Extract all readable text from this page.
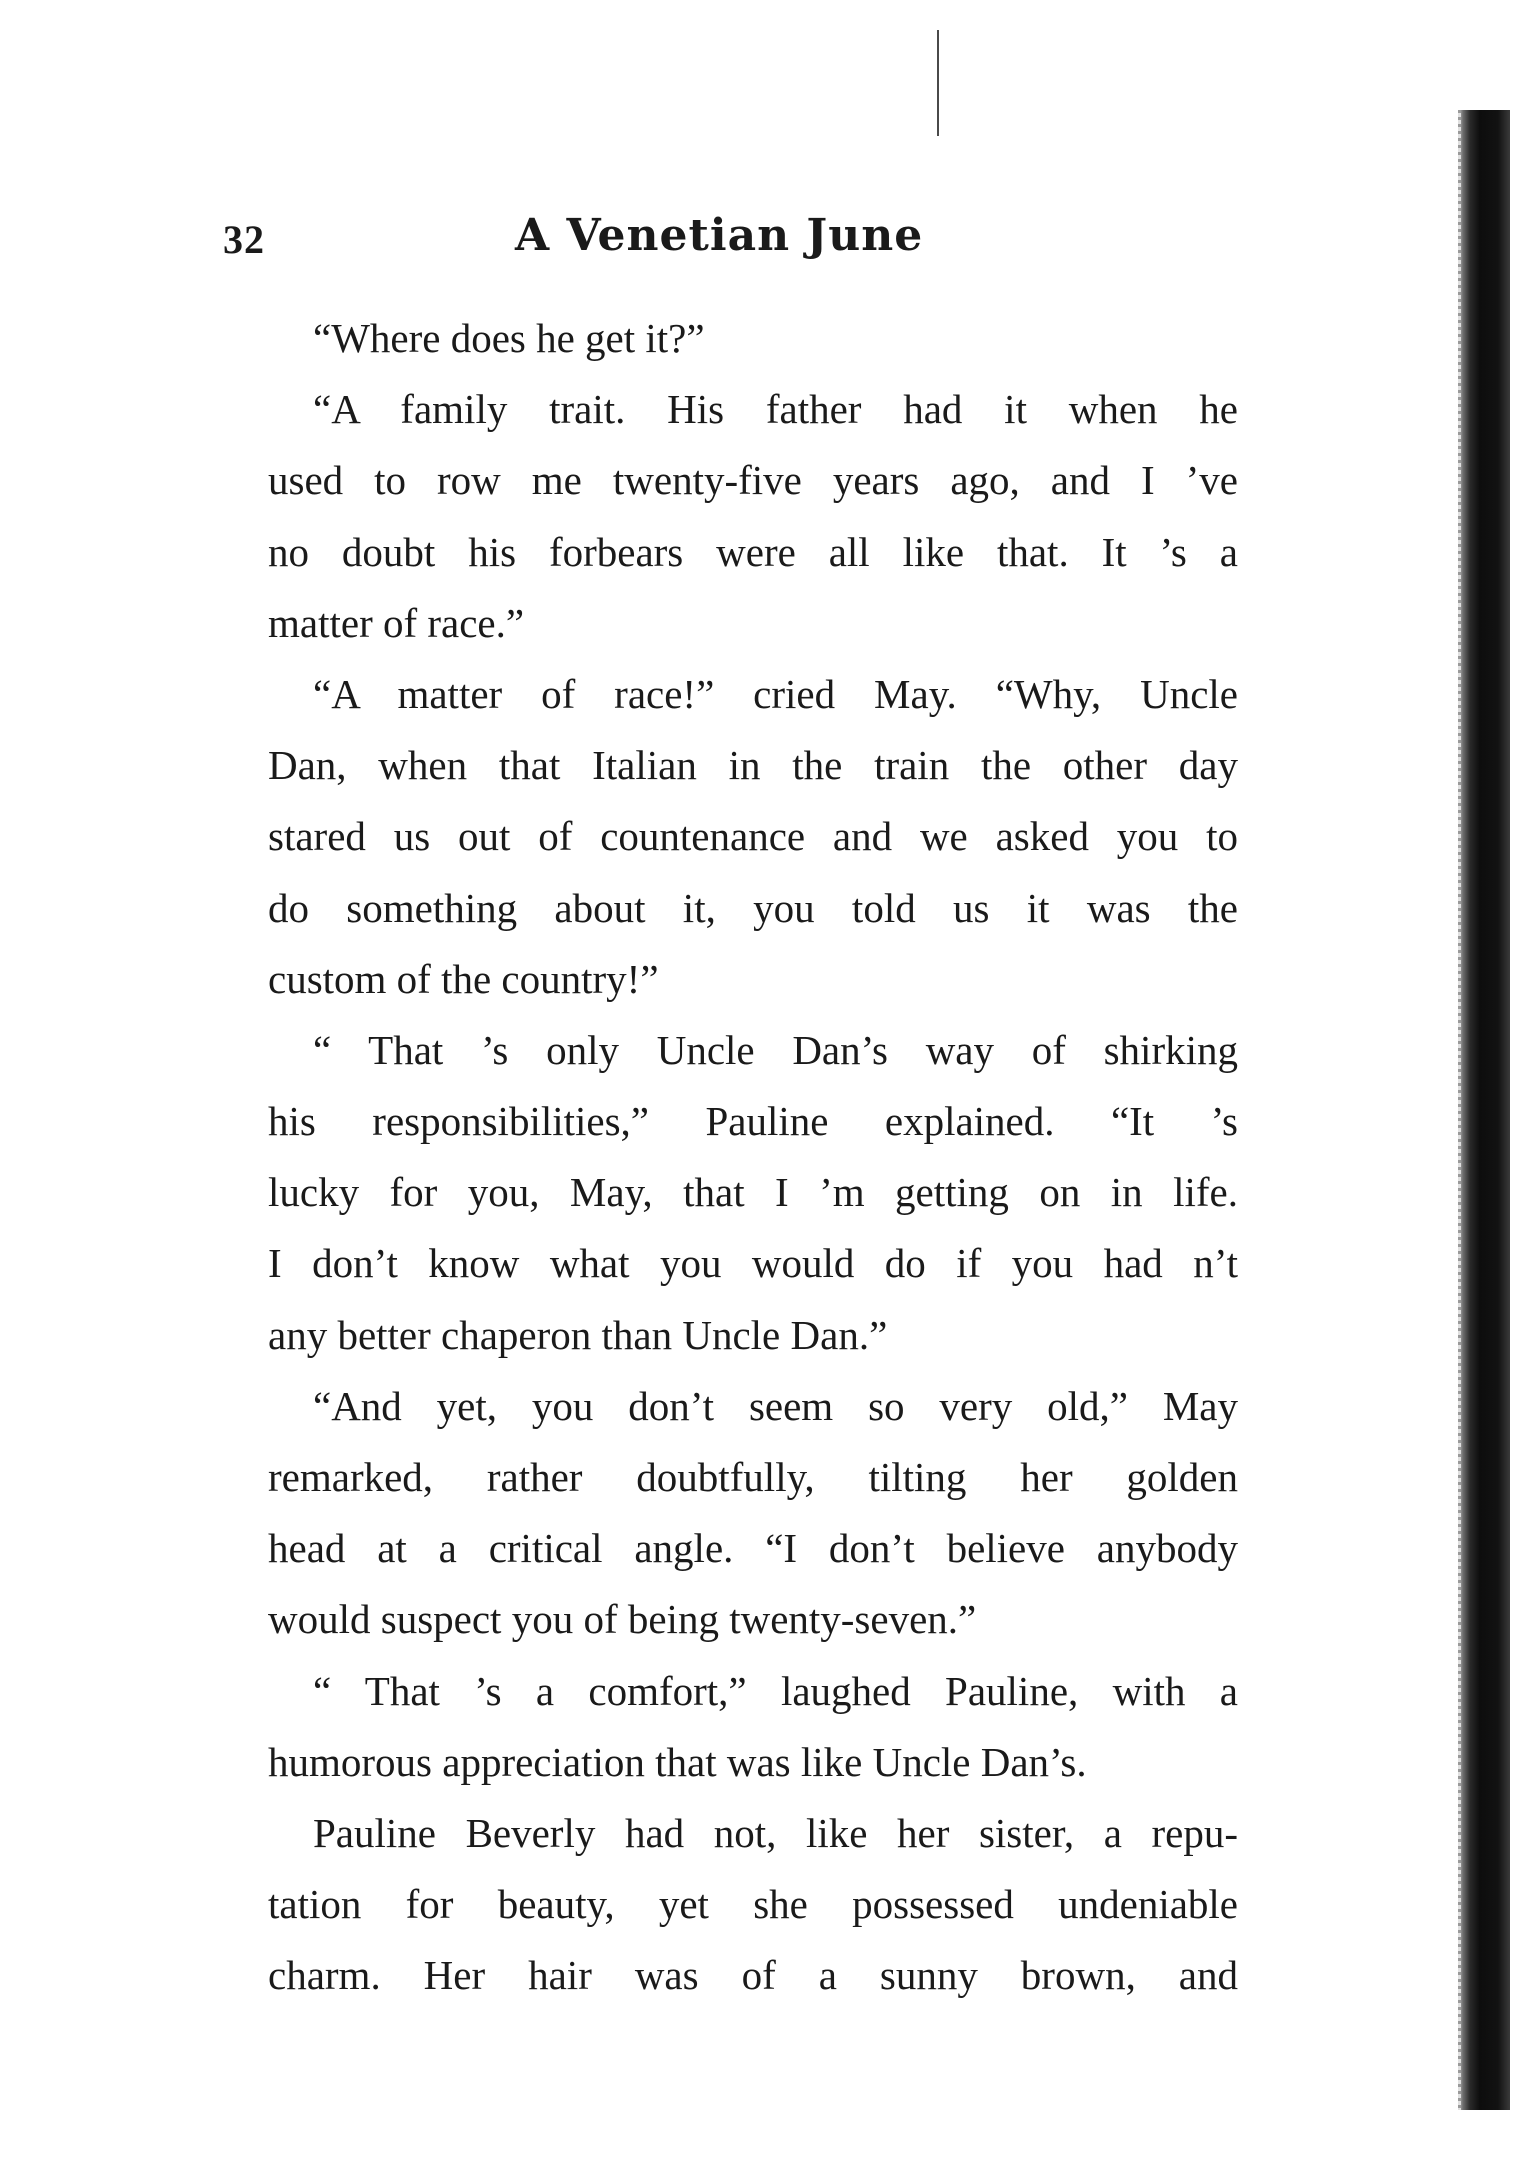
32	A Venetian June

“Where does he get it?”

“A family trait. His father had it when he
used to row me twenty-five years ago, and I ’ve
no doubt his forbears were all like that. It ’s a
matter of race.”

“A matter of race!” cried May. “Why, Uncle
Dan, when that Italian in the train the other day
stared us out of countenance and we asked you to
do something about it, you told us it was the
custom of the country!”

“ That ’s only Uncle Dan’s way of shirking
his responsibilities,” Pauline explained. “It ’s
lucky for you, May, that I ’m getting on in life.
I don’t know what you would do if you had n’t
any better chaperon than Uncle Dan.”

“And yet, you don’t seem so very old,” May
remarked, rather doubtfully, tilting her golden
head at a critical angle. “I don’t believe anybody
would suspect you of being twenty-seven.”

“ That ’s a comfort,” laughed Pauline, with a
humorous appreciation that was like Uncle Dan’s.

Pauline Beverly had not, like her sister, a repu-
tation for beauty, yet she possessed undeniable
charm. Her hair was of a sunny brown, and
